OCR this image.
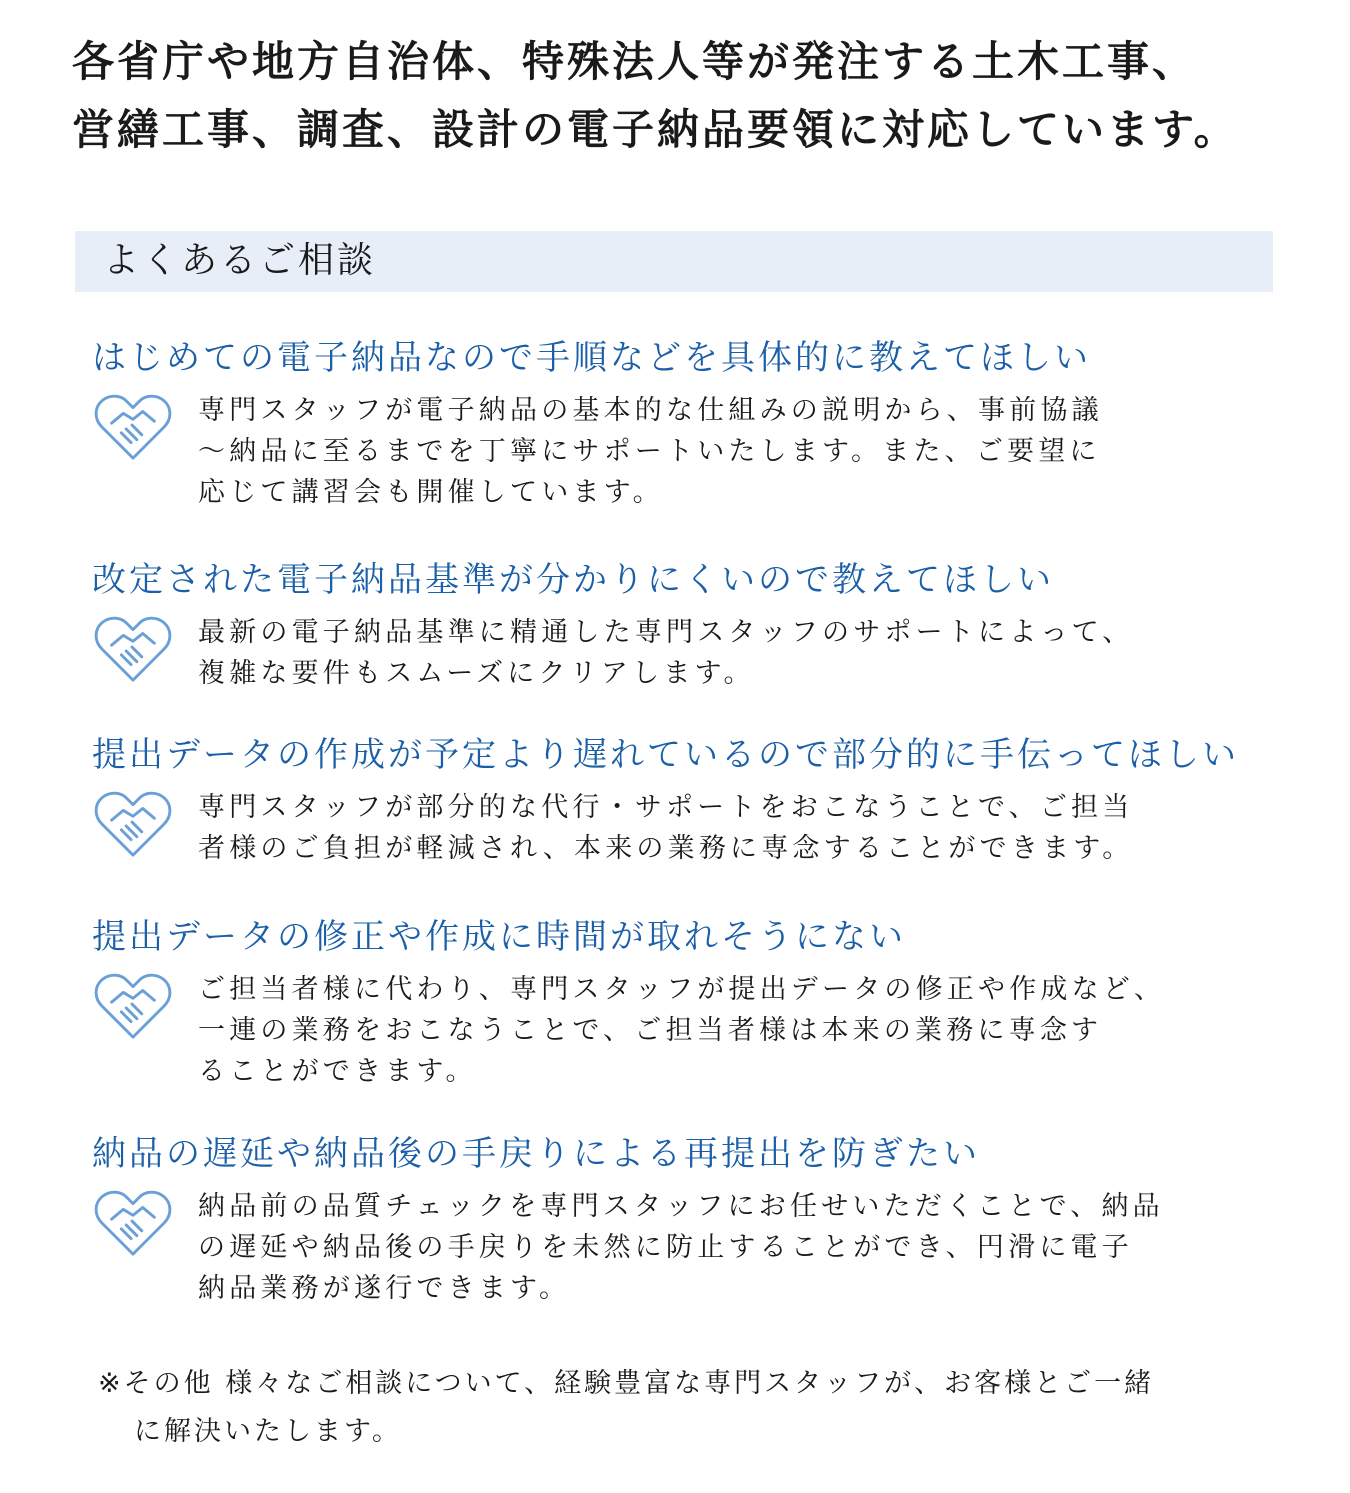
各省庁や地方自治体、特殊法人等が発注する土木工事、
営繕工事、調査、設計の電子納品要領に対応しています。
よくあるご相談

はじめての電子納品なので手順などを具体的に教えてほしい

専門スタッフが電子納品の基本的な仕組みの説明から、事前協議
～納品に至るまでを丁寧にサポートいたします。また、ご要望に
応じて講習会も開催しています。

改定された電子納品基準が分かりにくいので教えてほしい

最新の電子納品基準に精通した専門スタッフのサポートによって、
複雑な要件もスムーズにクリアします。

提出データの作成が予定より遅れているので部分的に手伝ってほしい

専門スタッフが部分的な代行・サポートをおこなうことで、ご担当
者様のご負担が軽減され、本来の業務に専念することができます。

提出データの修正や作成に時間が取れそうにない

ご担当者様に代わり、専門スタッフが提出データの修正や作成など、
一連の業務をおこなうことで、ご担当者様は本来の業務に専念す
ることができます。

納品の遅延や納品後の手戻りによる再提出を防ぎたい

納品前の品質チェックを専門スタッフにお任せいただくことで、納品
の遅延や納品後の手戻りを未然に防止することができ、円滑に電子
納品業務が遂行できます。
※その他 様々なご相談について、経験豊富な専門スタッフが、お客様とご一緒
に解決いたします。
